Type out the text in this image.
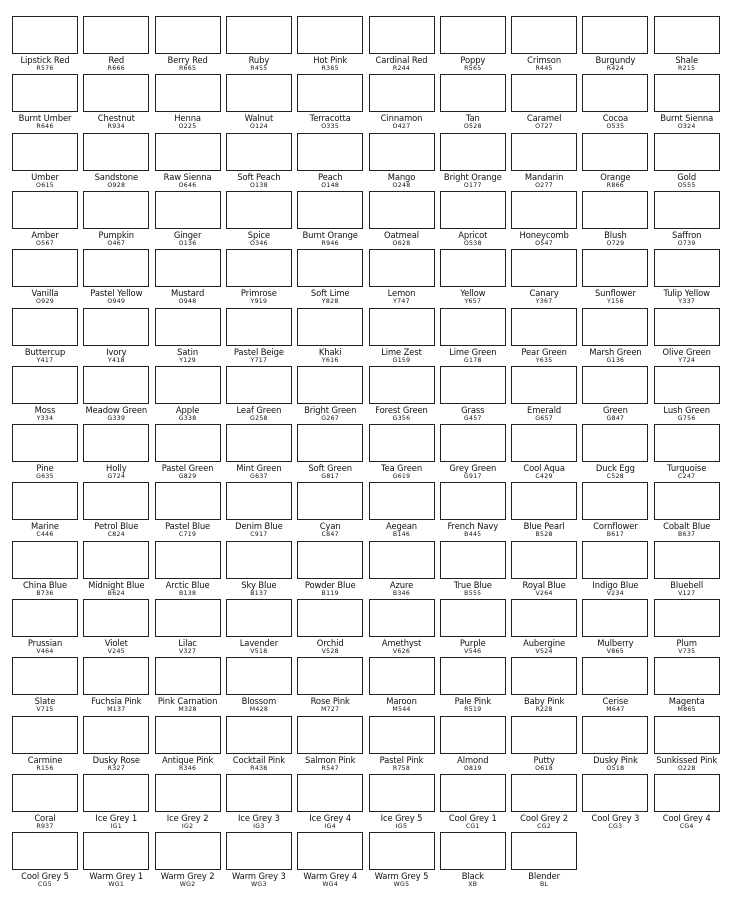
Lipstick Red
R576
Red
R666
Berry Red
R665
Ruby
R455
Hot Pink
R365
Cardinal Red
R244
Poppy
R565
Crimson
R445
Burgundy
R424
Shale
R215
Burnt Umber
R646
Chestnut
R934
Henna
O225
Walnut
O124
Terracotta
O335
Cinnamon
O427
Tan
O528
Caramel
O727
Cocoa
O535
Burnt Sienna
O324
Umber
O615
Sandstone
O928
Raw Sienna
O646
Soft Peach
O138
Peach
O148
Mango
O248
Bright Orange
O177
Mandarin
O277
Orange
R866
Gold
O555
Amber
O567
Pumpkin
O467
Ginger
O136
Spice
O346
Burnt Orange
R946
Oatmeal
O628
Apricot
O538
Honeycomb
O547
Blush
O729
Saffron
O739
Vanilla
O929
Pastel Yellow
O949
Mustard
O948
Primrose
Y919
Soft Lime
Y828
Lemon
Y747
Yellow
Y657
Canary
Y367
Sunflower
Y156
Tulip Yellow
Y337
Buttercup
Y417
Ivory
Y418
Satin
Y129
Pastel Beige
Y717
Khaki
Y616
Lime Zest
G159
Lime Green
G178
Pear Green
Y635
Marsh Green
G136
Olive Green
Y724
Moss
Y334
Meadow Green
G339
Apple
G338
Leaf Green
G258
Bright Green
G267
Forest Green
G356
Grass
G457
Emerald
G657
Green
G847
Lush Green
G756
Pine
G635
Holly
G724
Pastel Green
G829
Mint Green
G637
Soft Green
G817
Tea Green
G619
Grey Green
G917
Cool Aqua
C429
Duck Egg
C528
Turquoise
C247
Marine
C446
Petrol Blue
C824
Pastel Blue
C719
Denim Blue
C917
Cyan
C847
Aegean
B146
French Navy
B445
Blue Pearl
B528
Cornflower
B617
Cobalt Blue
B637
China Blue
B736
Midnight Blue
B624
Arctic Blue
B138
Sky Blue
B137
Powder Blue
B119
Azure
B346
True Blue
B555
Royal Blue
V264
Indigo Blue
V234
Bluebell
V127
Prussian
V464
Violet
V245
Lilac
V327
Lavender
V518
Orchid
V528
Amethyst
V626
Purple
V546
Aubergine
V524
Mulberry
V865
Plum
V735
Slate
V715
Fuchsia Pink
M137
Pink Carnation
M328
Blossom
M428
Rose Pink
M727
Maroon
M544
Pale Pink
R519
Baby Pink
R228
Cerise
M647
Magenta
M865
Carmine
R156
Dusky Rose
R327
Antique Pink
R346
Cocktail Pink
R438
Salmon Pink
R547
Pastel Pink
R758
Almond
O819
Putty
O618
Dusky Pink
O518
Sunkissed Pink
O228
Coral
R937
Ice Grey 1
IG1
Ice Grey 2
IG2
Ice Grey 3
IG3
Ice Grey 4
IG4
Ice Grey 5
IG5
Cool Grey 1
CG1
Cool Grey 2
CG2
Cool Grey 3
CG3
Cool Grey 4
CG4
Cool Grey 5
CG5
Warm Grey 1
WG1
Warm Grey 2
WG2
Warm Grey 3
WG3
Warm Grey 4
WG4
Warm Grey 5
WG5
Black
XB
Blender
BL
